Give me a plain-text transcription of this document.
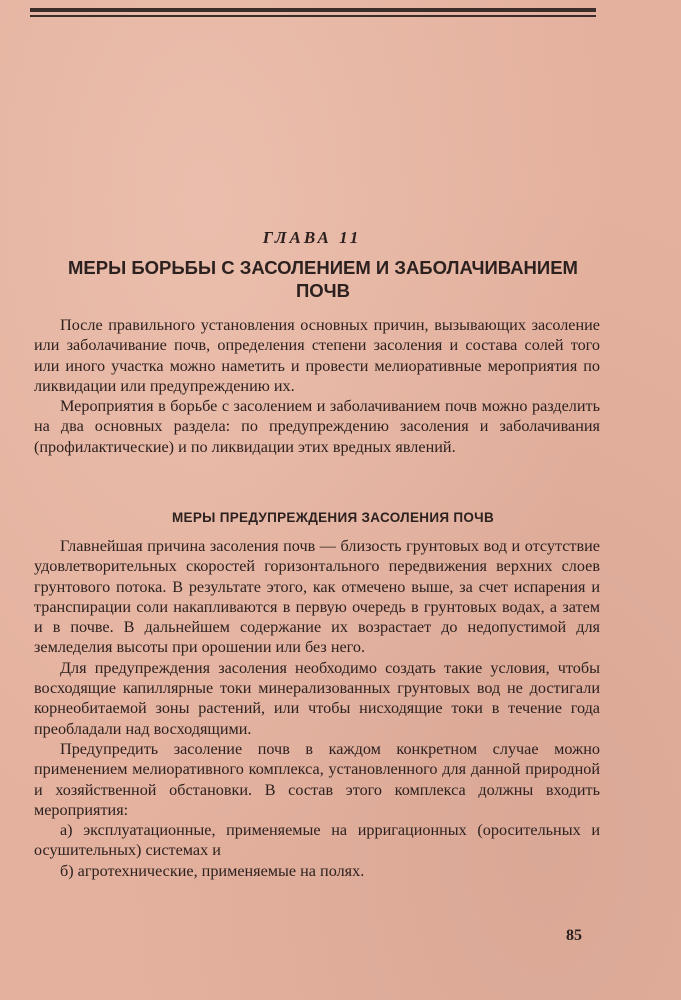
ГЛАВА 11
МЕРЫ БОРЬБЫ С ЗАСОЛЕНИЕМ И ЗАБОЛАЧИВАНИЕМ ПОЧВ

После правильного установления основных причин, вызывающих засоление или заболачивание почв, определения степени засоления и состава солей того или иного участка можно наметить и провести мелиоративные мероприятия по ликвидации или предупреждению их.

Мероприятия в борьбе с засолением и заболачиванием почв можно разделить на два основных раздела: по предупреждению засоления и заболачивания (профилактические) и по ликвидации этих вредных явлений.

МЕРЫ ПРЕДУПРЕЖДЕНИЯ ЗАСОЛЕНИЯ ПОЧВ

Главнейшая причина засоления почв — близость грунтовых вод и отсутствие удовлетворительных скоростей горизонтального передвижения верхних слоев грунтового потока. В результате этого, как отмечено выше, за счет испарения и транспирации соли накапливаются в первую очередь в грунтовых водах, а затем и в почве. В дальнейшем содержание их возрастает до недопустимой для земледелия высоты при орошении или без него.

Для предупреждения засоления необходимо создать такие условия, чтобы восходящие капиллярные токи минерализованных грунтовых вод не достигали корнеобитаемой зоны растений, или чтобы нисходящие токи в течение года преобладали над восходящими.

Предупредить засоление почв в каждом конкретном случае можно применением мелиоративного комплекса, установленного для данной природной и хозяйственной обстановки. В состав этого комплекса должны входить мероприятия:

а) эксплуатационные, применяемые на ирригационных (оросительных и осушительных) системах и

б) агротехнические, применяемые на полях.

85
